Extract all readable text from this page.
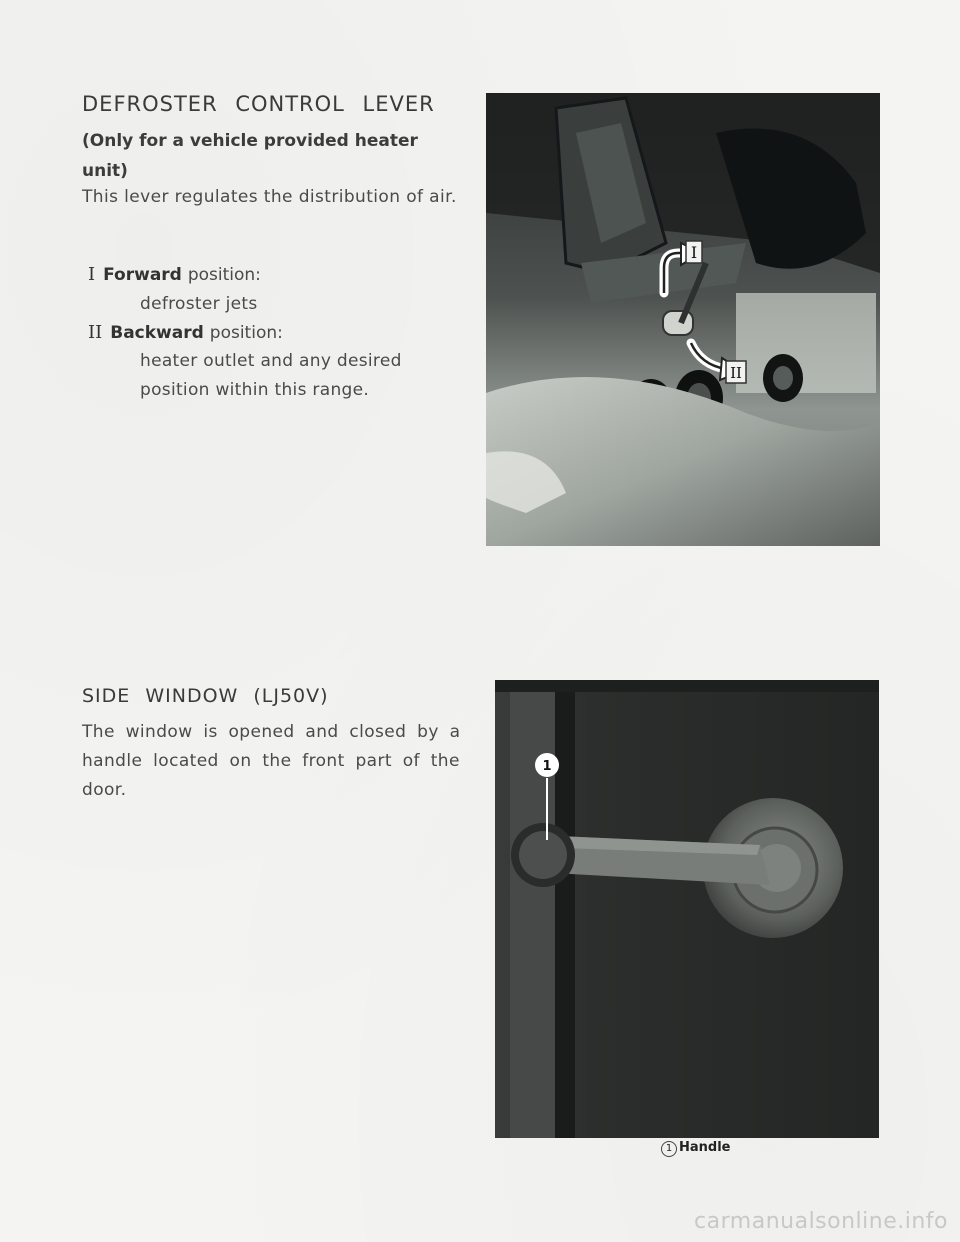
DEFROSTER CONTROL LEVER
(Only for a vehicle provided heater unit)
This lever regulates the distribution of air.
I Forward position:
defroster jets
II Backward position:
heater outlet and any desired
position within this range.
I
II
SIDE WINDOW (LJ50V)
The window is opened and closed by a handle located on the front part of the door.
1
1 Handle
carmanualsonline.info
